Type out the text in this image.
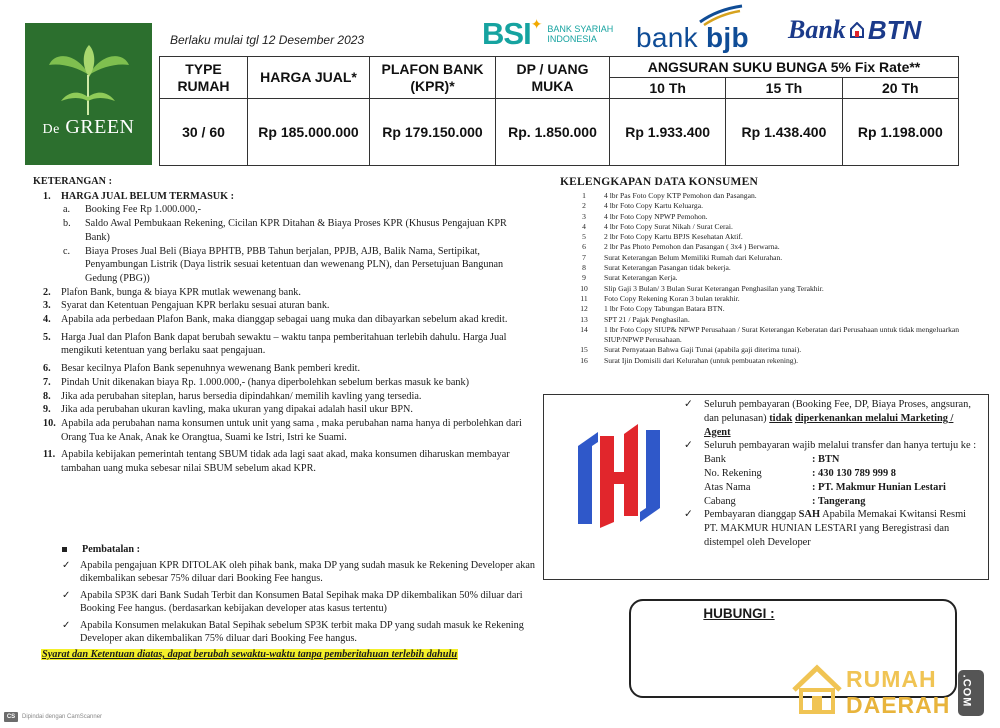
De GREEN
Berlaku mulai tgl 12 Desember 2023	BSI ✦ BANK SYARIAH
INDONESIA	bank bjb Bank BTN
TYPE RUMAH	HARGA JUAL*	PLAFON BANK (KPR)*	DP / UANG MUKA	ANGSURAN SUKU BUNGA 5% Fix Rate**		
				10 Th	15 Th	20 Th
30 / 60	Rp 185.000.000	Rp 179.150.000	Rp. 1.850.000	Rp 1.933.400	Rp 1.438.400	Rp 1.198.000
KETERANGAN :
1. HARGA JUAL BELUM TERMASUK :
a. Booking Fee Rp 1.000.000,-
b. Saldo Awal Pembukaan Rekening, Cicilan KPR Ditahan & Biaya Proses KPR (Khusus Pengajuan KPR Bank)
c. Biaya Proses Jual Beli (Biaya BPHTB, PBB Tahun berjalan, PPJB, AJB, Balik Nama, Sertipikat, Penyambungan Listrik (Daya listrik sesuai ketentuan dan wewenang PLN), dan Persetujuan Bangunan Gedung (PBG))
2. Plafon Bank, bunga & biaya KPR mutlak wewenang bank.
3. Syarat dan Ketentuan Pengajuan KPR berlaku sesuai aturan bank.
4. Apabila ada perbedaan Plafon Bank, maka dianggap sebagai uang muka dan dibayarkan sebelum akad kredit.
5. Harga Jual dan Plafon Bank dapat berubah sewaktu – waktu tanpa pemberitahuan terlebih dahulu. Harga Jual mengikuti ketentuan yang berlaku saat pengajuan.
6. Besar kecilnya Plafon Bank sepenuhnya wewenang Bank pemberi kredit.
7. Pindah Unit dikenakan biaya Rp. 1.000.000,- (hanya diperbolehkan sebelum berkas masuk ke bank)
8. Jika ada perubahan siteplan, harus bersedia dipindahkan/ memilih kavling yang tersedia.
9. Jika ada perubahan ukuran kavling, maka ukuran yang dipakai adalah hasil ukur BPN.
10. Apabila ada perubahan nama konsumen untuk unit yang sama , maka perubahan nama hanya di perbolehkan dari Orang Tua ke Anak, Anak ke Orangtua, Suami ke Istri, Istri ke Suami.
11. Apabila kebijakan pemerintah tentang SBUM tidak ada lagi saat akad, maka konsumen diharuskan membayar tambahan uang muka sebesar nilai SBUM sebelum akad KPR.
Pembatalan :
✓ Apabila pengajuan KPR DITOLAK oleh pihak bank, maka DP yang sudah masuk ke Rekening Developer akan dikembalikan sebesar 75% diluar dari Booking Fee hangus.
✓ Apabila SP3K dari Bank Sudah Terbit dan Konsumen Batal Sepihak maka DP dikembalikan 50% diluar dari Booking Fee hangus. (berdasarkan kebijakan developer atas kasus tertentu)
✓ Apabila Konsumen melakukan Batal Sepihak sebelum SP3K terbit maka DP yang sudah masuk ke Rekening Developer akan dikembalikan 75% diluar dari Booking Fee hangus.
Syarat dan Ketentuan diatas, dapat berubah sewaktu-waktu tanpa pemberitahuan terlebih dahulu
KELENGKAPAN DATA KONSUMEN
1	4 lbr Pas Foto Copy KTP Pemohon dan Pasangan.
2	4 lbr Foto Copy Kartu Keluarga.
3	4 lbr Foto Copy NPWP Pemohon.
4	4 lbr Foto Copy Surat Nikah / Surat Cerai.
5	2 lbr Foto Copy Kartu BPJS Kesehatan Aktif.
6	2 lbr Pas Photo Pemohon dan Pasangan ( 3x4 ) Berwarna.
7	Surat Keterangan Belum Memiliki Rumah dari Kelurahan.
8	Surat Keterangan Pasangan tidak bekerja.
9	Surat Keterangan Kerja.
10 Slip Gaji 3 Bulan/ 3 Bulan Surat Keterangan Penghasilan yang Terakhir.
11	Foto Copy Rekening Koran 3 bulan terakhir.
12 1 lbr Foto Copy Tabungan Batara BTN.
13 SPT 21 / Pajak Penghasilan.
14 1 lbr Foto Copy SIUP& NPWP Perusahaan / Surat Keterangan Keberatan dari Perusahaan untuk tidak mengeluarkan SIUP/NPWP Perusahaan.
15 Surat Pernyataan Bahwa Gaji Tunai (apabila gaji diterima tunai).
16 Surat Ijin Domisili dari Kelurahan (untuk pembuatan rekening).
✓ Seluruh pembayaran (Booking Fee, DP, Biaya Proses, angsuran, dan pelunasan) tidak diperkenankan melalui Marketing / Agent
✓ Seluruh pembayaran wajib melalui transfer dan hanya tertuju ke :
Bank	: BTN
No. Rekening	: 430 130 789 999 8
Atas Nama	: PT. Makmur Hunian Lestari
Cabang	: Tangerang
✓ Pembayaran dianggap SAH Apabila Memakai Kwitansi Resmi PT. MAKMUR HUNIAN LESTARI yang Beregistrasi dan distempel oleh Developer
HUBUNGI :
RUMAH
DAERAH .COM
CS	Dipindai dengan CamScanner
